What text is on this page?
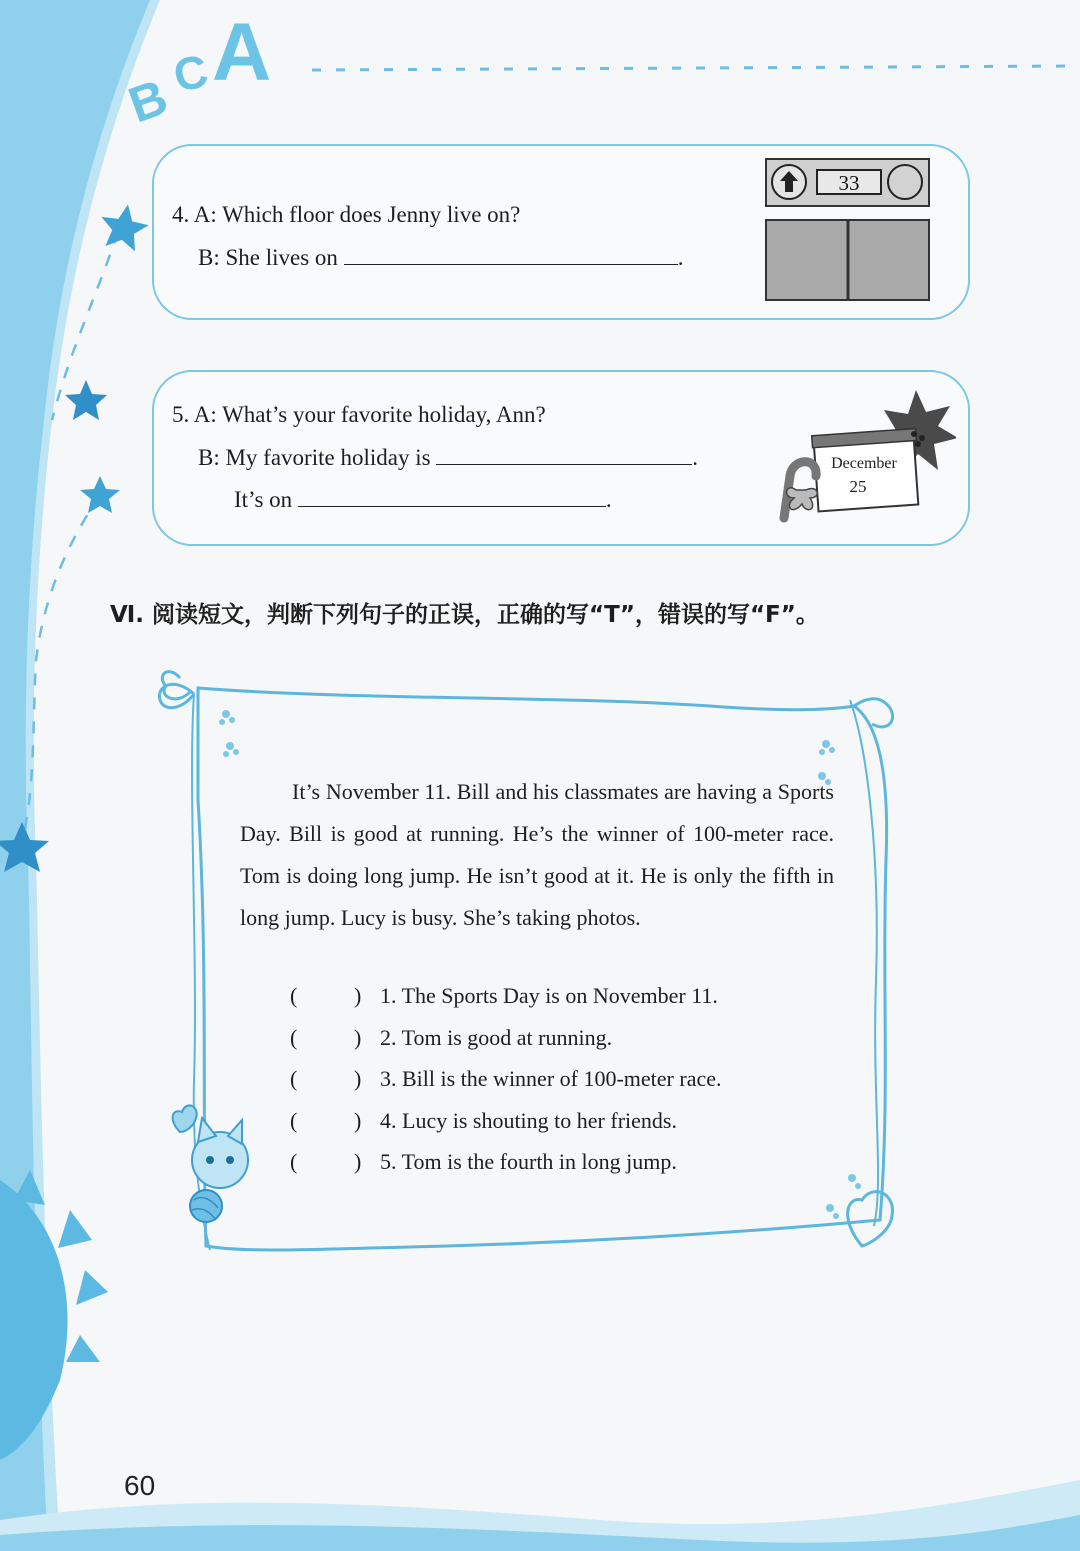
B
C A
4. A: Which floor does Jenny live on?
B: She lives on	.
33
5. A: What’s your favorite holiday, Ann?
B: My favorite holiday is	.
It’s on	.
December
25
Ⅵ. 阅读短文，判断下列句子的正误，正确的写“T”，错误的写“F”。
It’s November 11. Bill and his classmates are having a Sports Day. Bill is good at running. He’s the winner of 100-meter race. Tom is doing long jump. He isn’t good at it. He is only the fifth in long jump. Lucy is busy. She’s taking photos.
(	) 1. The Sports Day is on November 11.
(	) 2. Tom is good at running.
(	) 3. Bill is the winner of 100-meter race.
(	) 4. Lucy is shouting to her friends.
(	) 5. Tom is the fourth in long jump.
60
